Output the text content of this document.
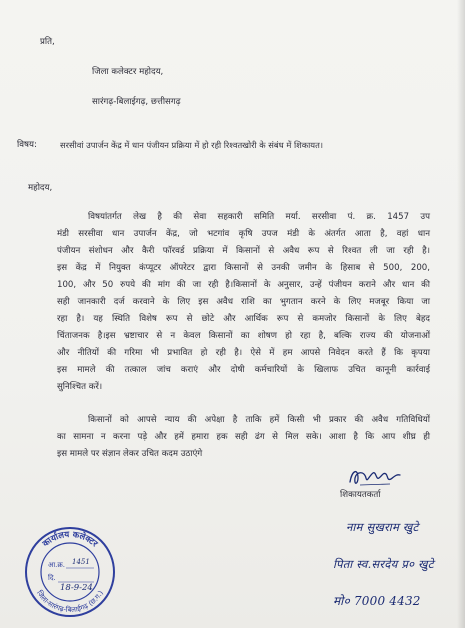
प्रति,
जिला कलेक्टर महोदय,
सारंगढ़-बिलाईगढ़, छत्तीसगढ़
विषय:	सरसीवां उपार्जन केंद्र में धान पंजीयन प्रक्रिया में हो रही रिश्वतखोरी के संबंध में शिकायत।
महोदय,
विषयांतर्गत लेख है की सेवा सहकारी समिति मर्या. सरसीवा पं. क्र. 1457 उप
मंडी सरसीवा धान उपार्जन केंद्र, जो भटगांव कृषि उपज मंडी के अंतर्गत आता है, वहां धान
पंजीयन संशोधन और कैरी फॉरवर्ड प्रक्रिया में किसानों से अवैध रूप से रिश्वत ली जा रही है।
इस केंद्र में नियुक्त कंप्यूटर ऑपरेटर द्वारा किसानों से उनकी जमीन के हिसाब से 500, 200,
100, और 50 रुपये की मांग की जा रही है।किसानों के अनुसार, उन्हें पंजीयन कराने और धान की
सही जानकारी दर्ज करवाने के लिए इस अवैध राशि का भुगतान करने के लिए मजबूर किया जा
रहा है। यह स्थिति विशेष रूप से छोटे और आर्थिक रूप से कमजोर किसानों के लिए बेहद
चिंताजनक है।इस भ्रष्टाचार से न केवल किसानों का शोषण हो रहा है, बल्कि राज्य की योजनाओं
और नीतियों की गरिमा भी प्रभावित हो रही है। ऐसे में हम आपसे निवेदन करते हैं कि कृपया
इस मामले की तत्काल जांच कराएं और दोषी कर्मचारियों के खिलाफ उचित कानूनी कार्रवाई
सुनिश्चित करें।
किसानों को आपसे न्याय की अपेक्षा है ताकि हमें किसी भी प्रकार की अवैध गतिविधियों
का सामना न करना पड़े और हमें हमारा हक सही ढंग से मिल सके। आशा है कि आप शीघ्र ही
इस मामले पर संज्ञान लेकर उचित कदम उठाएंगे
शिकायतकर्ता
नाम सुखराम खुटे
पिता स्व.सरदेय प्र० खुटे
मो० 7000 4432
कार्यालय कलेक्टर
जिला-सारंगढ़-बिलाईगढ़ (छ.ग.)
आ.क्र. 1451
दि.
18-9-24
